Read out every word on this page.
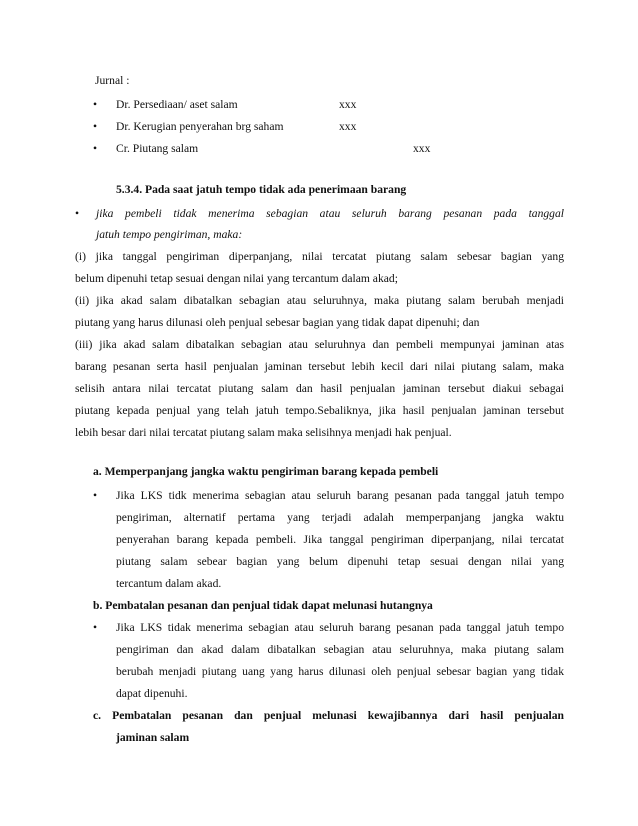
Jurnal :
• Dr. Persediaan/ aset salam	xxx
• Dr. Kerugian penyerahan brg saham	xxx
• Cr. Piutang salam	xxx
5.3.4. Pada saat jatuh tempo tidak ada penerimaan barang
• jika pembeli tidak menerima sebagian atau seluruh barang pesanan pada tanggal
jatuh tempo pengiriman, maka:
(i) jika tanggal pengiriman diperpanjang, nilai tercatat piutang salam sebesar bagian yang
belum dipenuhi tetap sesuai dengan nilai yang tercantum dalam akad;
(ii) jika akad salam dibatalkan sebagian atau seluruhnya, maka piutang salam berubah menjadi
piutang yang harus dilunasi oleh penjual sebesar bagian yang tidak dapat dipenuhi; dan
(iii) jika akad salam dibatalkan sebagian atau seluruhnya dan pembeli mempunyai jaminan atas
barang pesanan serta hasil penjualan jaminan tersebut lebih kecil dari nilai piutang salam, maka
selisih antara nilai tercatat piutang salam dan hasil penjualan jaminan tersebut diakui sebagai
piutang kepada penjual yang telah jatuh tempo.Sebaliknya, jika hasil penjualan jaminan tersebut
lebih besar dari nilai tercatat piutang salam maka selisihnya menjadi hak penjual.
a. Memperpanjang jangka waktu pengiriman barang kepada pembeli
• Jika LKS tidk menerima sebagian atau seluruh barang pesanan pada tanggal jatuh tempo
pengiriman, alternatif pertama yang terjadi adalah memperpanjang jangka waktu
penyerahan barang kepada pembeli. Jika tanggal pengiriman diperpanjang, nilai tercatat
piutang salam sebear bagian yang belum dipenuhi tetap sesuai dengan nilai yang
tercantum dalam akad.
b. Pembatalan pesanan dan penjual tidak dapat melunasi hutangnya
• Jika LKS tidak menerima sebagian atau seluruh barang pesanan pada tanggal jatuh tempo
pengiriman dan akad dalam dibatalkan sebagian atau seluruhnya, maka piutang salam
berubah menjadi piutang uang yang harus dilunasi oleh penjual sebesar bagian yang tidak
dapat dipenuhi.
c. Pembatalan pesanan dan penjual melunasi kewajibannya dari hasil penjualan
jaminan salam
